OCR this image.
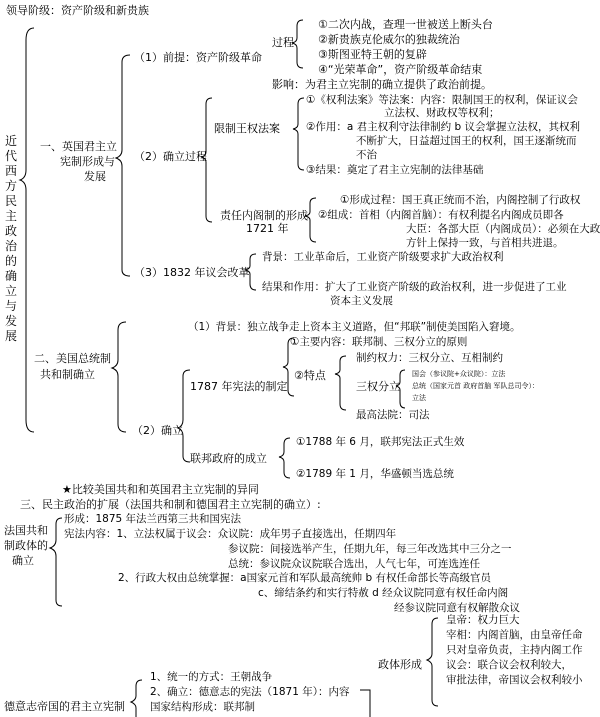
领导阶级：资产阶级和新贵族
近代西方民主政治的确立与发展
一、英国君主立
宪制形成与
发展
（1）前提：资产阶级革命
过程
①二次内战，查理一世被送上断头台
②新贵族克伦威尔的独裁统治
③斯图亚特王朝的复辟
④“光荣革命”，资产阶级革命结束
影响：为君主立宪制的确立提供了政治前提。
（2）确立过程
限制王权法案
①《权利法案》等法案：内容：限制国王的权利，保证议会
立法权、财政权等权利；
②作用：a 君主权利守法律制约 b 议会掌握立法权，其权利
不断扩大，日益超过国王的权利，国王逐渐统而
不治
③结果：奠定了君主立宪制的法律基础
责任内阁制的形成
1721 年
①形成过程：国王真正统而不治，内阁控制了行政权
②组成：首相（内阁首脑）：有权利提名内阁成员即各
大臣：各部大臣（内阁成员）：必须在大政
方针上保持一致，与首相共进退。
（3）1832 年议会改革
背景：工业革命后，工业资产阶级要求扩大政治权利
结果和作用：扩大了工业资产阶级的政治权利，进一步促进了工业
资本主义发展
二、美国总统制
共和制确立
（1）背景：独立战争走上资本主义道路，但“邦联”制使美国陷入窘境。
（2）确立
1787 年宪法的制定
①主要内容：联邦制、三权分立的原则
②特点
制约权力：三权分立、互相制约
三权分立
国会（参议院+众议院）：立法
总统（国家元首 政府首脑 军队总司令）：
立法
最高法院：司法
联邦政府的成立
①1788 年 6 月，联邦宪法正式生效
②1789 年 1 月，华盛顿当选总统
★比较美国共和和英国君主立宪制的异同
三、民主政治的扩展（法国共和制和德国君主立宪制的确立）:
法国共和
制政体的
确立
形成：1875 年法兰西第三共和国宪法
宪法内容：1、立法权属于议会：众议院：成年男子直接选出，任期四年
参议院：间接选举产生，任期九年，每三年改选其中三分之一
总统：参议院众议院联合选出，人气七年，可连选连任
2、行政大权由总统掌握：a国家元首和军队最高统帅 b 有权任命部长等高级官员
c、缔结条约和实行特赦 d 经众议院同意有权任命内阁
经参议院同意有权解散众议
德意志帝国的君主立宪制
1、统一的方式：王朝战争
2、确立：德意志的宪法（1871 年）：内容
国家结构形成：联邦制
政体形成
皇帝：权力巨大
宰相：内阁首脑，由皇帝任命
只对皇帝负责，主持内阁工作
议会：联合议会权利较大，
审批法律，帝国议会权利较小
